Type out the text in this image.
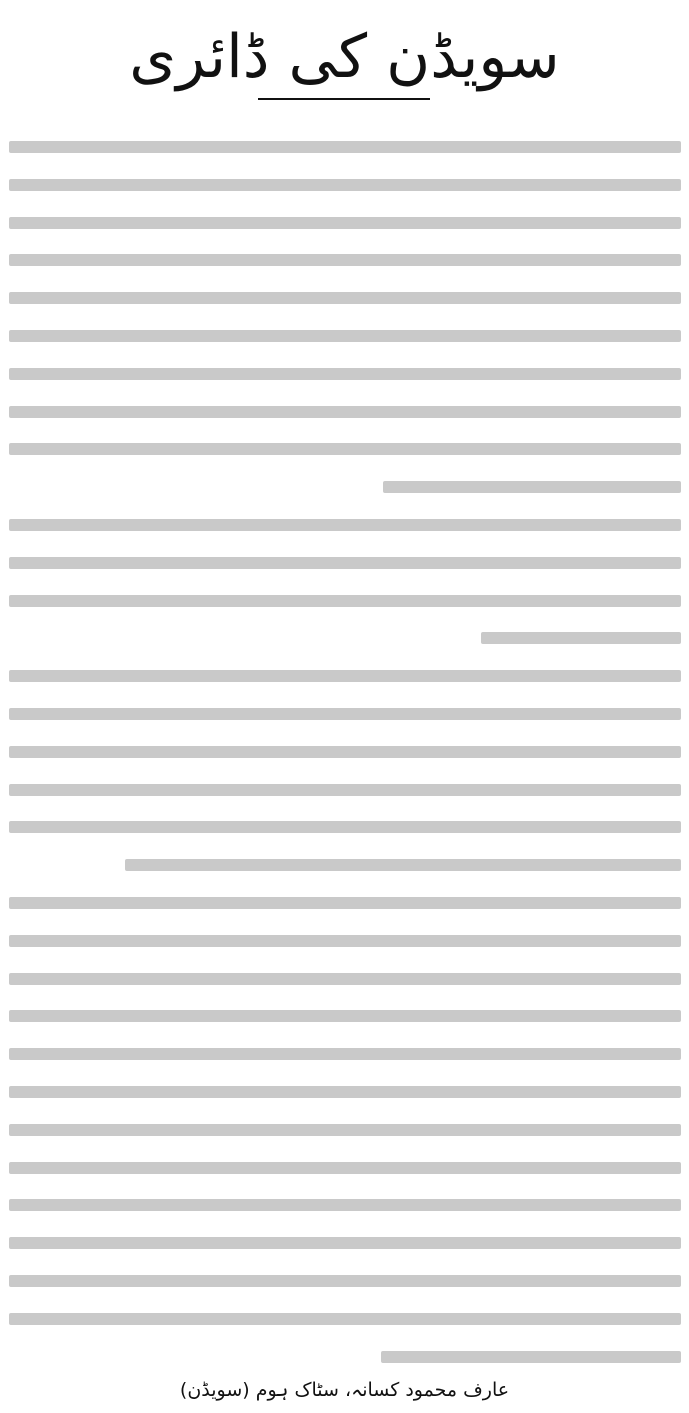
سویڈن کی ڈائری
عارف محمود کسانہ، سٹاک ہوم (سویڈن)
